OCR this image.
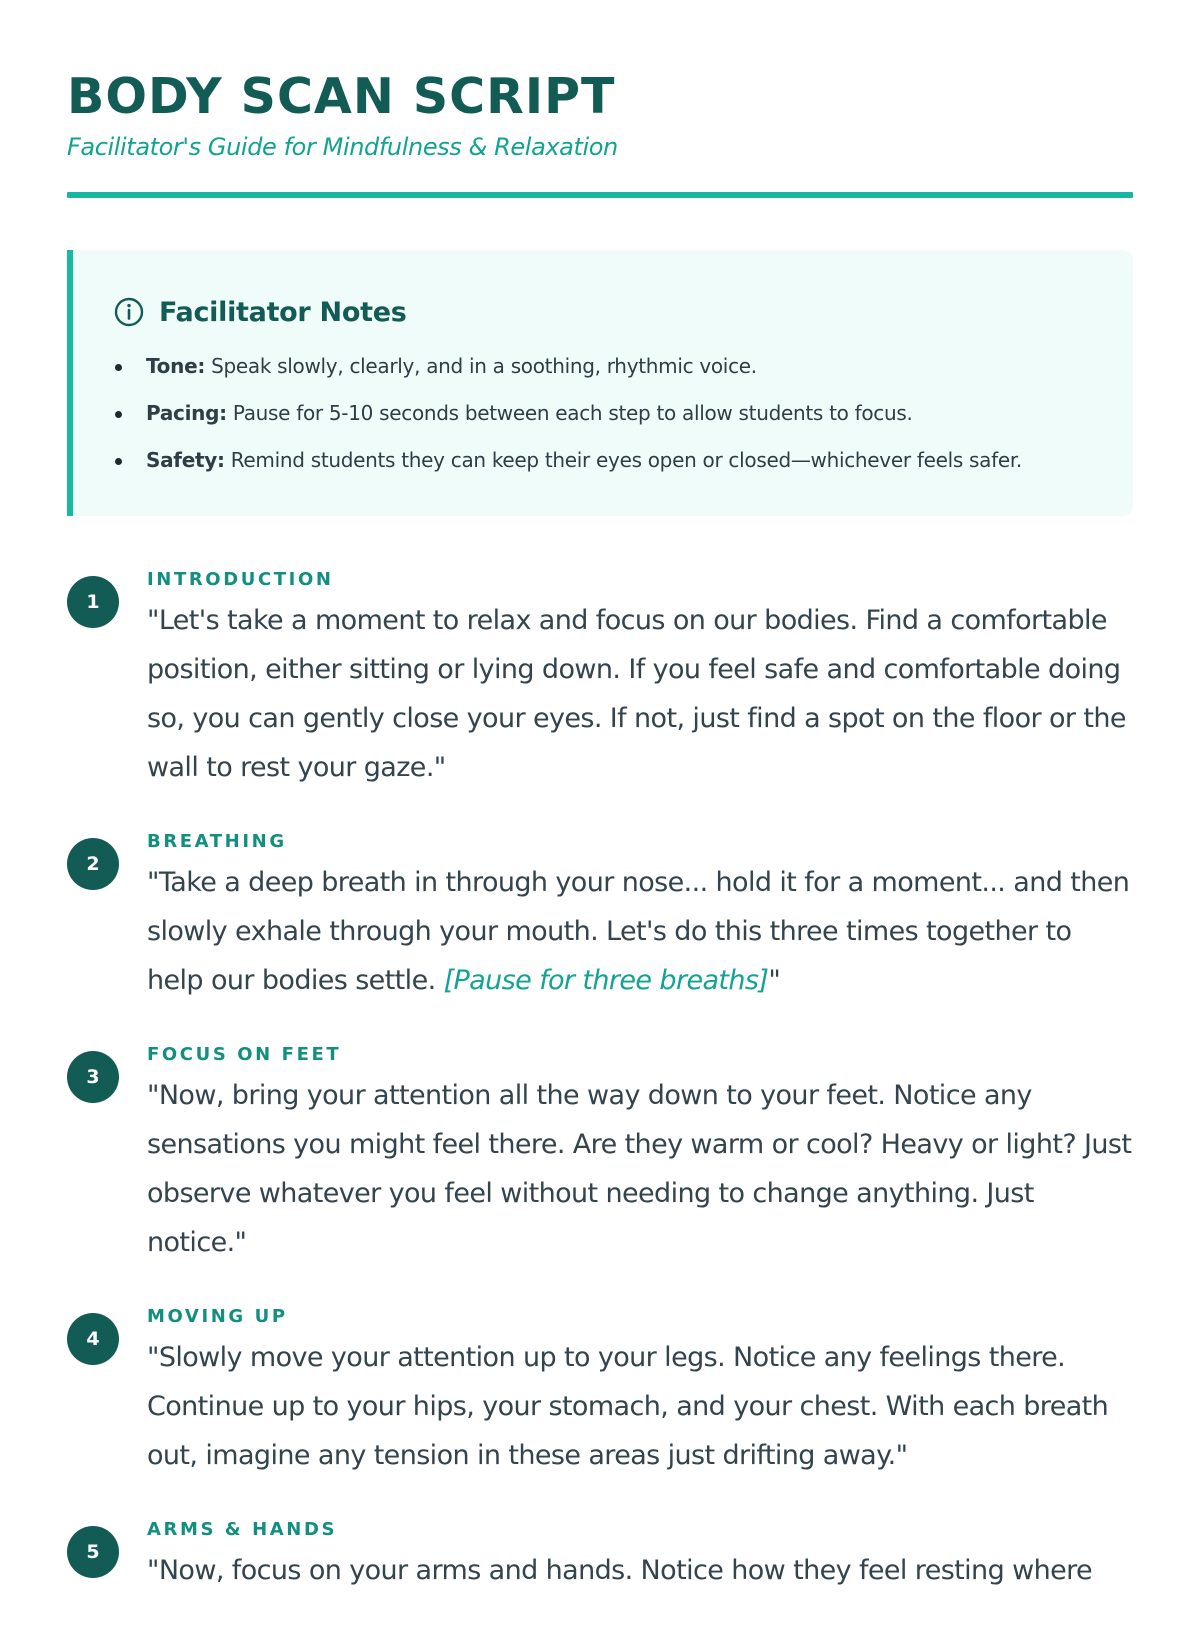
BODY SCAN SCRIPT
Facilitator's Guide for Mindfulness & Relaxation
Facilitator Notes
Tone: Speak slowly, clearly, and in a soothing, rhythmic voice.
Pacing: Pause for 5-10 seconds between each step to allow students to focus.
Safety: Remind students they can keep their eyes open or closed—whichever feels safer.
1
INTRODUCTION

"Let's take a moment to relax and focus on our bodies. Find a comfortable position, either sitting or lying down. If you feel safe and comfortable doing so, you can gently close your eyes. If not, just find a spot on the floor or the wall to rest your gaze."

2
BREATHING

"Take a deep breath in through your nose... hold it for a moment... and then slowly exhale through your mouth. Let's do this three times together to help our bodies settle. [Pause for three breaths]"

3
FOCUS ON FEET

"Now, bring your attention all the way down to your feet. Notice any sensations you might feel there. Are they warm or cool? Heavy or light? Just observe whatever you feel without needing to change anything. Just notice."

4
MOVING UP

"Slowly move your attention up to your legs. Notice any feelings there. Continue up to your hips, your stomach, and your chest. With each breath out, imagine any tension in these areas just drifting away."

5
ARMS & HANDS

"Now, focus on your arms and hands. Notice how they feel resting where
